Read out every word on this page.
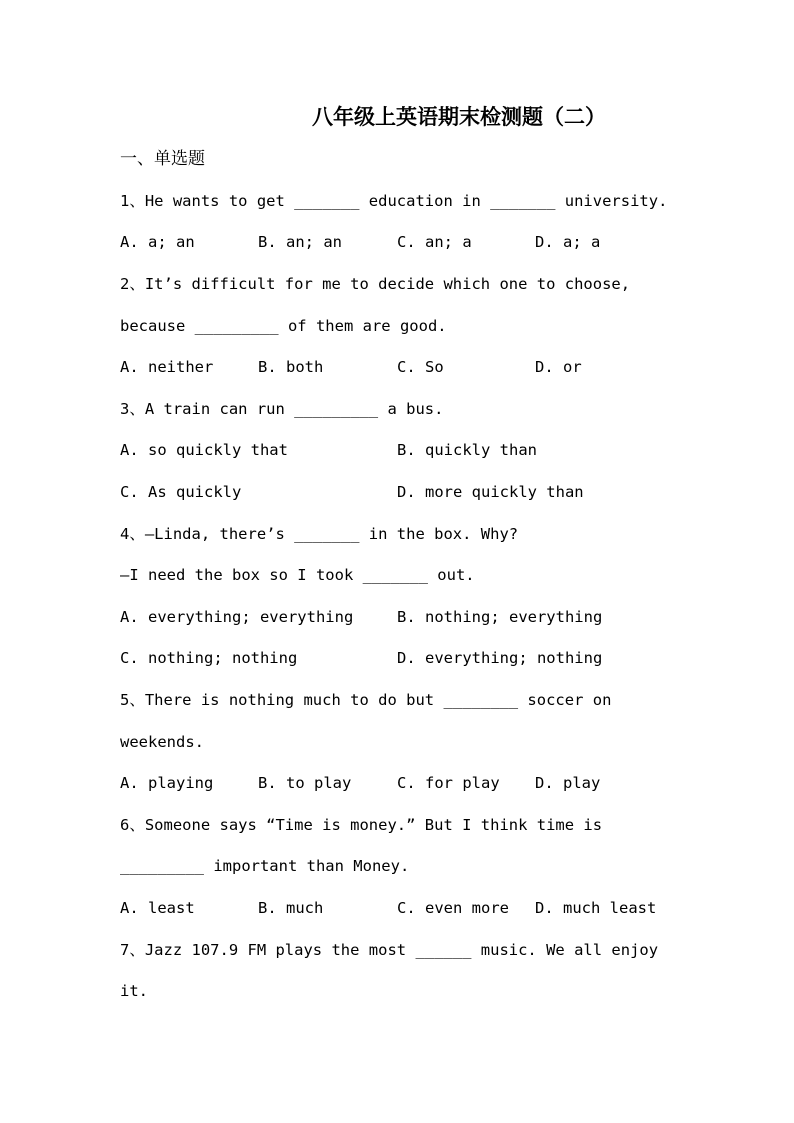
八年级上英语期末检测题（二）
一、单选题
1、He wants to get _______ education in _______ university.
A. a; an	B. an; an	C. an; a	D. a; a
2、It’s difficult for me to decide which one to choose,
because _________ of them are good.
A. neither	B. both	C. So	D. or
3、A train can run _________ a bus.
A. so quickly that	B. quickly than
C. As quickly	D. more quickly than
4、—Linda, there’s _______ in the box. Why?
—I need the box so I took _______ out.
A. everything; everything	B. nothing; everything
C. nothing; nothing	D. everything; nothing
5、There is nothing much to do but ________ soccer on
weekends.
A. playing	B. to play	C. for play D. play
6、Someone says “Time is money.” But I think time is
_________ important than Money.
A. least	B. much	C. even more D. much least
7、Jazz 107.9 FM plays the most ______ music. We all enjoy
it.
